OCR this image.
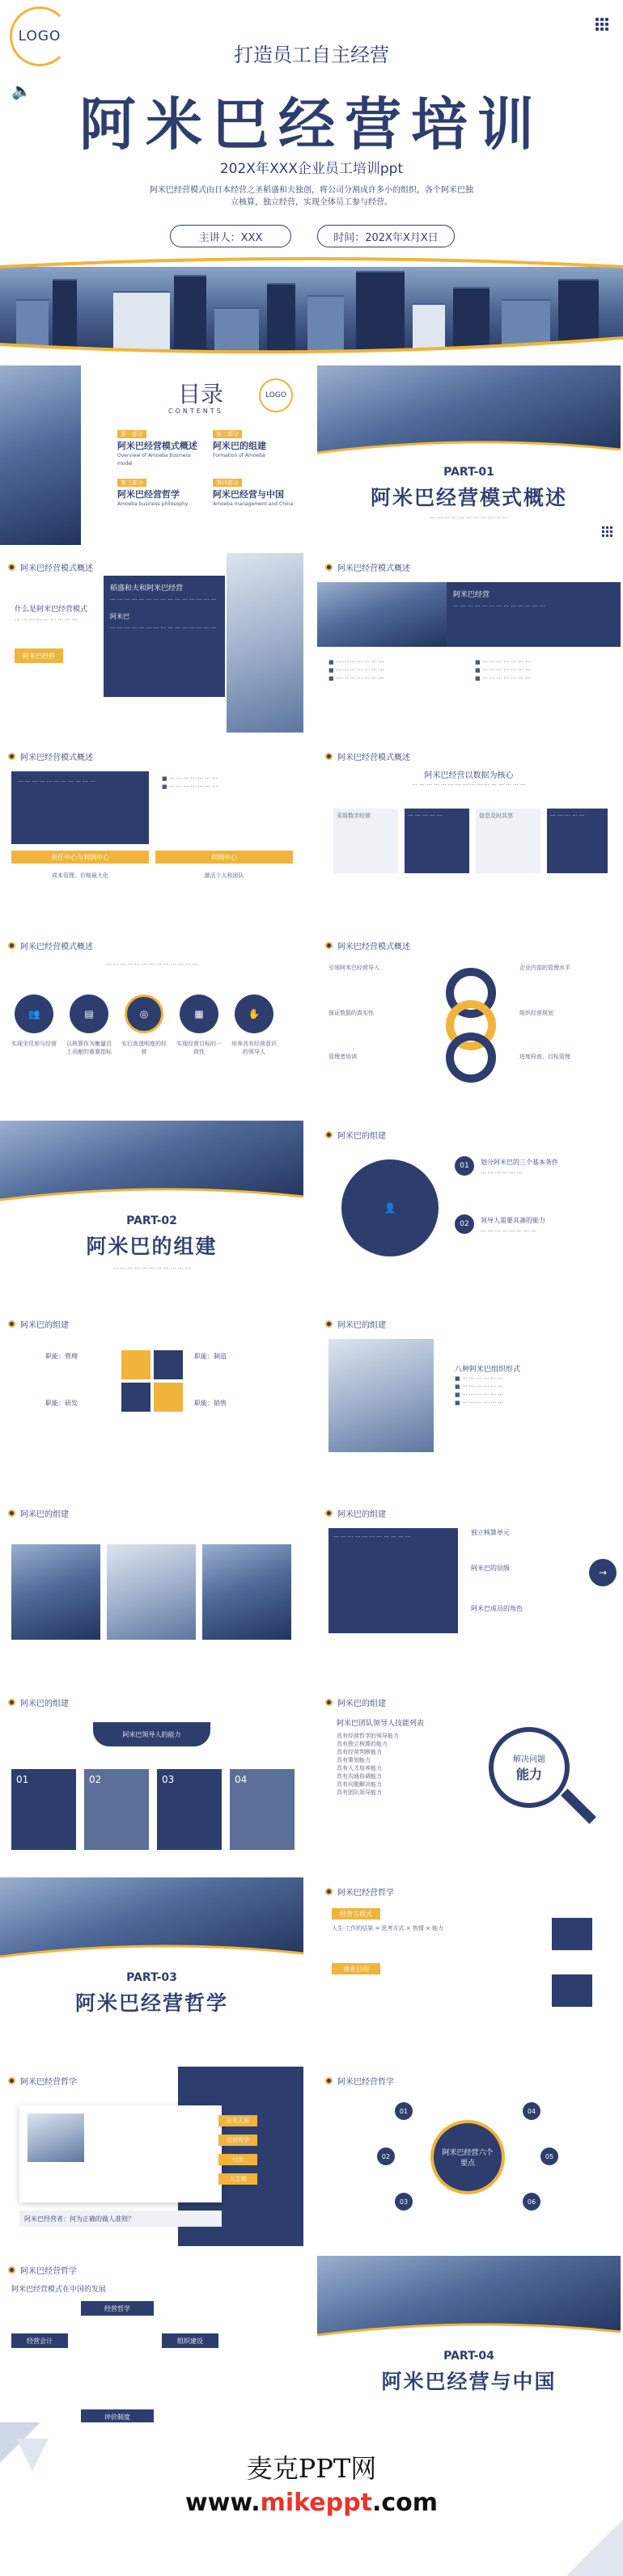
LOGO
🔈
打造员工自主经营
阿米巴经营培训
202X年XXX企业员工培训ppt
阿米巴经营模式由日本经营之圣稻盛和夫独创，将公司分割成许多小的组织，各个阿米巴独立核算，独立经营，实现全体员工参与经营。
主讲人：XXX	时间：202X年X月X日
目录
CONTENTS
LOGO
第一部分
阿米巴经营模式概述
Overview of Amoeba business model
第二部分
阿米巴的组建
Formation of Amoeba
第三部分
阿米巴经营哲学
Amoeba business philosophy
第四部分
阿米巴经营与中国
Amoeba management and China
PART-01
阿米巴经营模式概述
··· ··· ··· ··· ··· ··· ··· ··· ··· ··· ···
阿米巴经营模式概述
什么是阿米巴经营模式
··· ··· ··· ··· ··· ··· ··· ··· ···
阿米巴经营
稻盛和夫和阿米巴经营
··· ··· ··· ··· ··· ··· ··· ··· ··· ··· ··· ··· ··· ··· ···
阿米巴
··· ··· ··· ··· ··· ··· ··· ··· ··· ··· ··· ··· ··· ··· ···
阿米巴经营模式概述
阿米巴经营
··· ··· ··· ··· ··· ··· ··· ··· ··· ··· ··· ··· ···
■ ··· ··· ··· ··· ··· ··· ···
■ ··· ··· ··· ··· ··· ··· ···
■ ··· ··· ··· ··· ··· ··· ···
■ ··· ··· ··· ··· ··· ··· ···
■ ··· ··· ··· ··· ··· ··· ···
■ ··· ··· ··· ··· ··· ··· ···
阿米巴经营模式概述
··· ··· ··· ··· ··· ··· ··· ··· ··· ··· ···	■ ··· ··· ··· ··· ··· ··· ···
■ ··· ··· ··· ··· ··· ··· ···
责任中心与利润中心	利润中心
成本管理、价格最大化	激活个人和团队
阿米巴经营模式概述
阿米巴经营以数据为核心
··· ··· ··· ··· ··· ··· ··· ··· ··· ··· ··· ··· ··· ··· ··· ···
采用数字经营	··· ··· ··· ··· ···	信息及时共享	··· ··· ··· ··· ···
阿米巴经营模式概述
··· ··· ··· ··· ··· ··· ··· ··· ··· ··· ··· ··· ···
👥	▤	◎	▦	✋
实现全员参与经营 以核算作为衡量员工贡献的重要指标
实行高透明度的经营
实现经营目标的一致性
培养具有经营意识的领导人
阿米巴经营模式概述
引领阿米巴经营导入
保证数据的真实性
管理者培训
企业内部的管理水平
组织经营规划
进度检查、目标管理
PART-02
阿米巴的组建
··· ··· ··· ··· ··· ··· ··· ··· ··· ··· ···
阿米巴的组建
👤
01	划分阿米巴的三个基本条件
··· ··· ··· ··· ··· ···
02	领导人需要具备的能力
··· ··· ··· ··· ··· ··· ··· ···
阿米巴的组建
职能：管理	职能：制造
职能：研发	职能：销售
阿米巴的组建
八种阿米巴组织形式
■ ··· ··· ··· ··· ··· ···
■ ··· ··· ··· ··· ··· ···
■ ··· ··· ··· ··· ··· ···
■ ··· ··· ··· ··· ··· ···
阿米巴的组建	阿米巴的组建
··· ··· ··· ··· ··· ··· ··· ··· ··· ··· ···
独立核算单元
阿米巴的层级
阿米巴成员的角色
→
阿米巴的组建
阿米巴领导人的能力
01	02	03	04
阿米巴的组建
阿米巴团队领导人技能列表
具有经营哲学的领导能力
具有独立核算的能力
具有经营判断能力
具有策划能力
具有人才培养能力
具有沟通协调能力
具有问题解决能力
具有团队领导能力
解决问题
能力
PART-03
阿米巴经营哲学
阿米巴经营哲学
经营方程式
人生·工作的结果 = 思考方式 × 热情 × 能力
事业目的
阿米巴经营哲学
应有人格
经营哲学
付出
人生观
阿米巴经营者：何为正确的做人准则？
阿米巴经营哲学
阿米巴经营六个要点
01
02
03
04
05
06
阿米巴经营哲学
阿米巴经营模式在中国的发展
经营哲学
经营会计	组织建设
评价制度
PART-04
阿米巴经营与中国
麦克PPT网
www.mikeppt.com
